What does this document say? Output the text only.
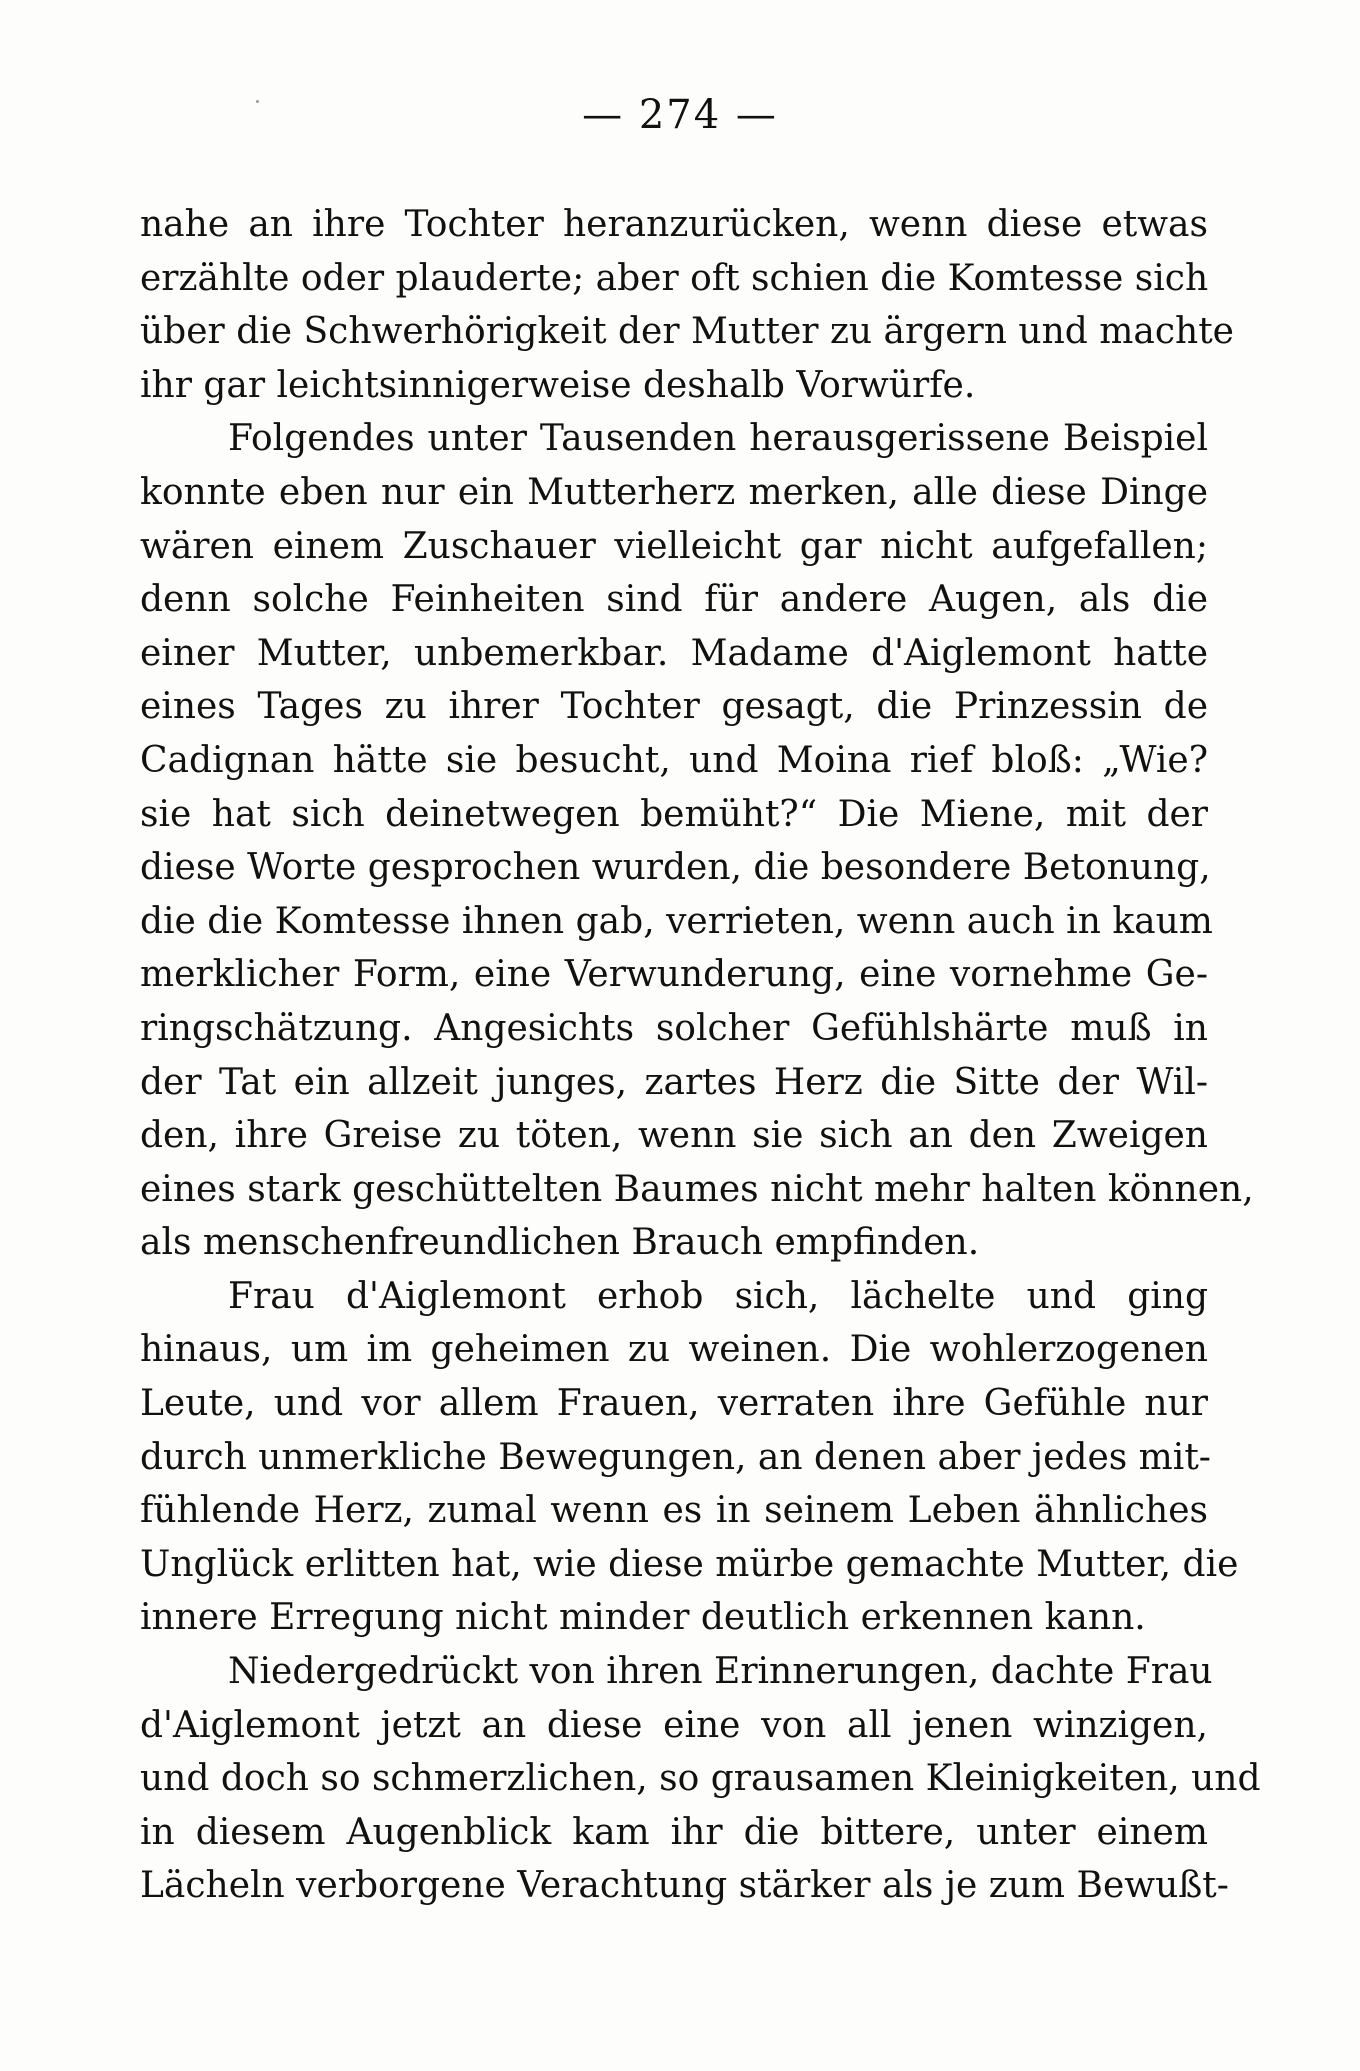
— 274 —
nahe an ihre Tochter heranzurücken, wenn diese etwas
erzählte oder plauderte; aber oft schien die Komtesse sich
über die Schwerhörigkeit der Mutter zu ärgern und machte
ihr gar leichtsinnigerweise deshalb Vorwürfe.
Folgendes unter Tausenden herausgerissene Beispiel
konnte eben nur ein Mutterherz merken, alle diese Dinge
wären einem Zuschauer vielleicht gar nicht aufgefallen;
denn solche Feinheiten sind für andere Augen, als die
einer Mutter, unbemerkbar. Madame d'Aiglemont hatte
eines Tages zu ihrer Tochter gesagt, die Prinzessin de
Cadignan hätte sie besucht, und Moina rief bloß: „Wie?
sie hat sich deinetwegen bemüht?“ Die Miene, mit der
diese Worte gesprochen wurden, die besondere Betonung,
die die Komtesse ihnen gab, verrieten, wenn auch in kaum
merklicher Form, eine Verwunderung, eine vornehme Ge-
ringschätzung. Angesichts solcher Gefühlshärte muß in
der Tat ein allzeit junges, zartes Herz die Sitte der Wil-
den, ihre Greise zu töten, wenn sie sich an den Zweigen
eines stark geschüttelten Baumes nicht mehr halten können,
als menschenfreundlichen Brauch empfinden.
Frau d'Aiglemont erhob sich, lächelte und ging
hinaus, um im geheimen zu weinen. Die wohlerzogenen
Leute, und vor allem Frauen, verraten ihre Gefühle nur
durch unmerkliche Bewegungen, an denen aber jedes mit-
fühlende Herz, zumal wenn es in seinem Leben ähnliches
Unglück erlitten hat, wie diese mürbe gemachte Mutter, die
innere Erregung nicht minder deutlich erkennen kann.
Niedergedrückt von ihren Erinnerungen, dachte Frau
d'Aiglemont jetzt an diese eine von all jenen winzigen,
und doch so schmerzlichen, so grausamen Kleinigkeiten, und
in diesem Augenblick kam ihr die bittere, unter einem
Lächeln verborgene Verachtung stärker als je zum Bewußt-
